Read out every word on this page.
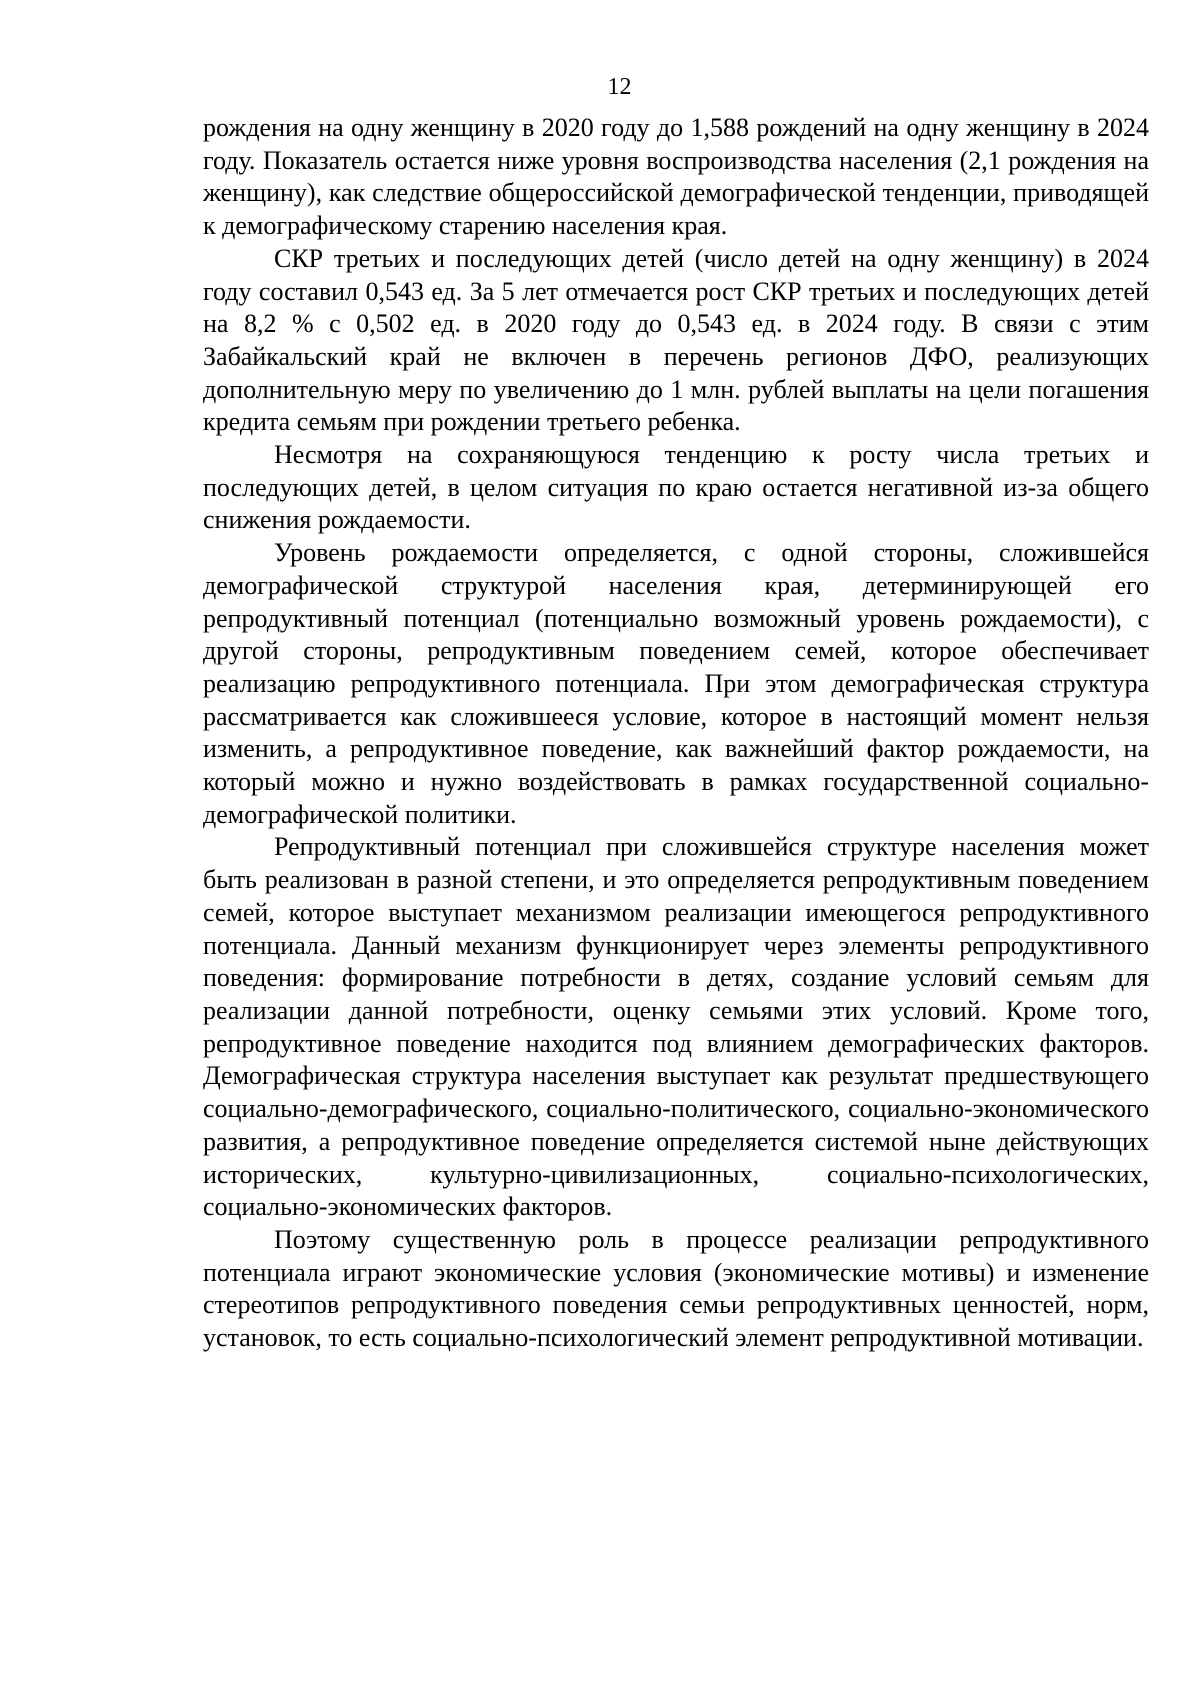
12

рождения на одну женщину в 2020 году до 1,588 рождений на одну женщину в 2024 году. Показатель остается ниже уровня воспроизводства населения (2,1 рождения на женщину), как следствие общероссийской демографической тенденции, приводящей к демографическому старению населения края.

СКР третьих и последующих детей (число детей на одну женщину) в 2024 году составил 0,543 ед. За 5 лет отмечается рост СКР третьих и последующих детей на 8,2 % с 0,502 ед. в 2020 году до 0,543 ед. в 2024 году. В связи с этим Забайкальский край не включен в перечень регионов ДФО, реализующих дополнительную меру по увеличению до 1 млн. рублей выплаты на цели погашения кредита семьям при рождении третьего ребенка.

Несмотря на сохраняющуюся тенденцию к росту числа третьих и последующих детей, в целом ситуация по краю остается негативной из-за общего снижения рождаемости.

Уровень рождаемости определяется, с одной стороны, сложившейся демографической структурой населения края, детерминирующей его репродуктивный потенциал (потенциально возможный уровень рождаемости), с другой стороны, репродуктивным поведением семей, которое обеспечивает реализацию репродуктивного потенциала. При этом демографическая структура рассматривается как сложившееся условие, которое в настоящий момент нельзя изменить, а репродуктивное поведение, как важнейший фактор рождаемости, на который можно и нужно воздействовать в рамках государственной социально-демографической политики.

Репродуктивный потенциал при сложившейся структуре населения может быть реализован в разной степени, и это определяется репродуктивным поведением семей, которое выступает механизмом реализации имеющегося репродуктивного потенциала. Данный механизм функционирует через элементы репродуктивного поведения: формирование потребности в детях, создание условий семьям для реализации данной потребности, оценку семьями этих условий. Кроме того, репродуктивное поведение находится под влиянием демографических факторов. Демографическая структура населения выступает как результат предшествующего социально-демографического, социально-политического, социально-экономического развития, а репродуктивное поведение определяется системой ныне действующих исторических, культурно-цивилизационных, социально-психологических, социально-экономических факторов.

Поэтому существенную роль в процессе реализации репродуктивного потенциала играют экономические условия (экономические мотивы) и изменение стереотипов репродуктивного поведения семьи репродуктивных ценностей, норм, установок, то есть социально-психологический элемент репродуктивной мотивации.
